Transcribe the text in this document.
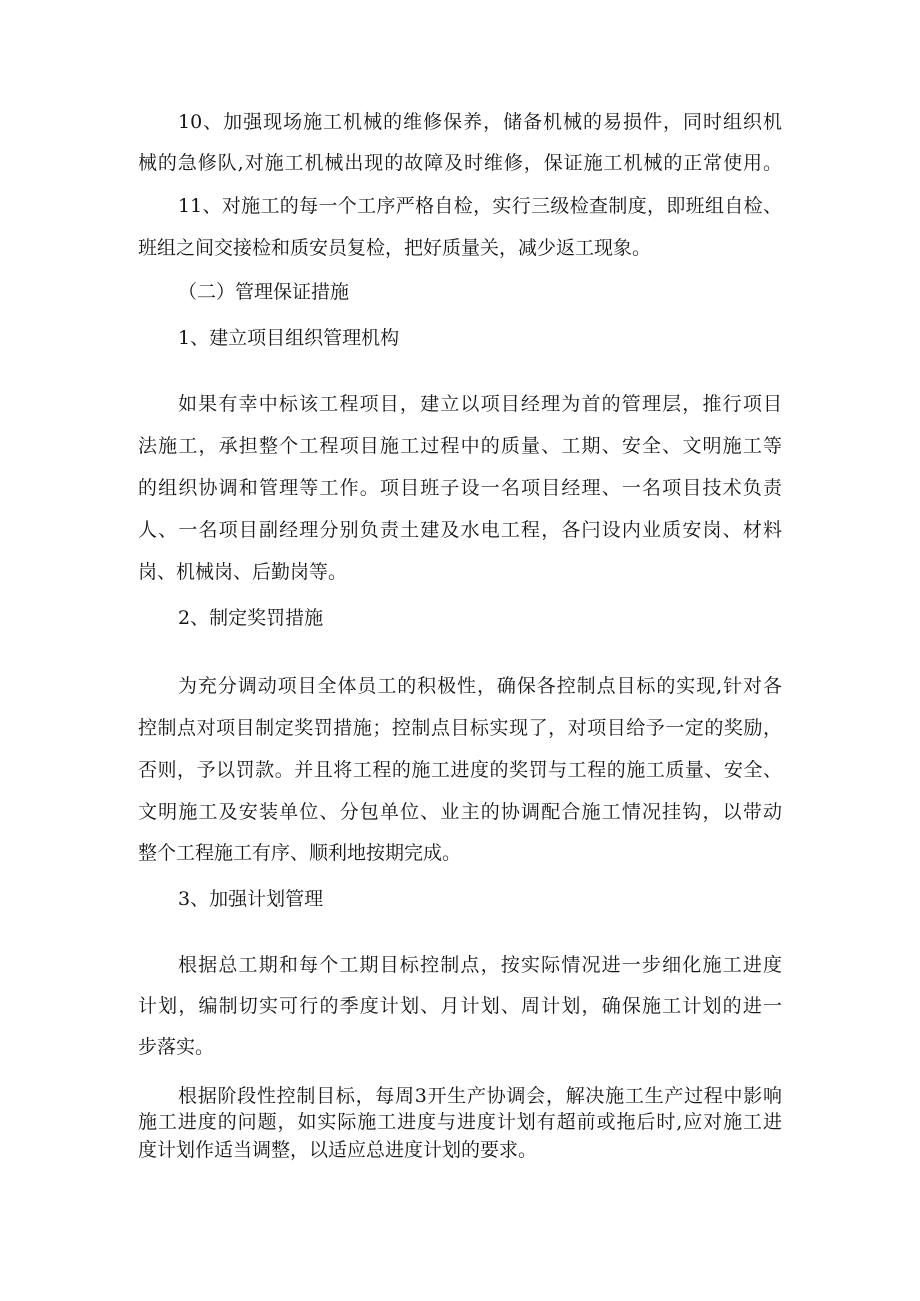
10、加强现场施工机械的维修保养，储备机械的易损件，同时组织机
械的急修队,对施工机械出现的故障及时维修，保证施工机械的正常使用。
11、对施工的每一个工序严格自检，实行三级检查制度，即班组自检、
班组之间交接检和质安员复检，把好质量关，减少返工现象。
（二）管理保证措施
1、建立项目组织管理机构
如果有幸中标该工程项目，建立以项目经理为首的管理层，推行项目
法施工，承担整个工程项目施工过程中的质量、工期、安全、文明施工等
的组织协调和管理等工作。项目班子设一名项目经理、一名项目技术负责
人、一名项目副经理分别负责土建及水电工程，各闩设内业质安岗、材料
岗、机械岗、后勤岗等。
2、制定奖罚措施
为充分调动项目全体员工的积极性，确保各控制点目标的实现,针对各
控制点对项目制定奖罚措施；控制点目标实现了，对项目给予一定的奖励，
否则，予以罚款。并且将工程的施工进度的奖罚与工程的施工质量、安全、
文明施工及安装单位、分包单位、业主的协调配合施工情况挂钩，以带动
整个工程施工有序、顺利地按期完成。
3、加强计划管理
根据总工期和每个工期目标控制点，按实际情况进一步细化施工进度
计划，编制切实可行的季度计划、月计划、周计划，确保施工计划的进一
步落实。
根据阶段性控制目标，每周3开生产协调会，解决施工生产过程中影响
施工进度的问题，如实际施工进度与进度计划有超前或拖后时,应对施工进
度计划作适当调整，以适应总进度计划的要求。
